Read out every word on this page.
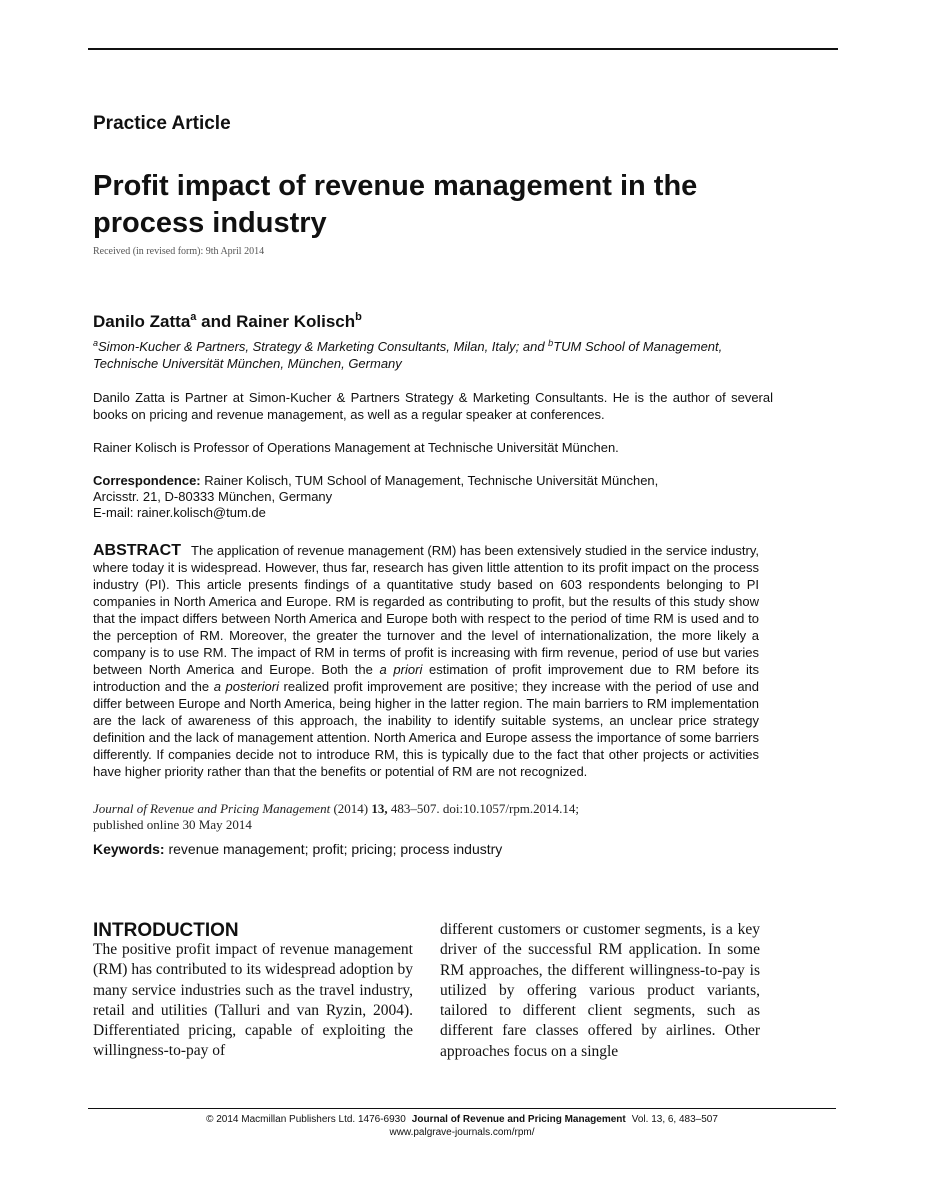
Practice Article
Profit impact of revenue management in the process industry
Received (in revised form): 9th April 2014
Danilo Zatta$^a$ and Rainer Kolisch$^b$
$^a$Simon-Kucher & Partners, Strategy & Marketing Consultants, Milan, Italy; and $^b$TUM School of Management, Technische Universität München, München, Germany

Danilo Zatta is Partner at Simon-Kucher & Partners Strategy & Marketing Consultants. He is the author of several books on pricing and revenue management, as well as a regular speaker at conferences.

Rainer Kolisch is Professor of Operations Management at Technische Universität München.

Correspondence: Rainer Kolisch, TUM School of Management, Technische Universität München,
Arcisstr. 21, D-80333 München, Germany
E-mail: rainer.kolisch@tum.de

ABSTRACT The application of revenue management (RM) has been extensively studied in the service industry, where today it is widespread. However, thus far, research has given little attention to its profit impact on the process industry (PI). This article presents findings of a quantitative study based on 603 respondents belonging to PI companies in North America and Europe. RM is regarded as contributing to profit, but the results of this study show that the impact differs between North America and Europe both with respect to the period of time RM is used and to the perception of RM. Moreover, the greater the turnover and the level of internationalization, the more likely a company is to use RM. The impact of RM in terms of profit is increasing with firm revenue, period of use but varies between North America and Europe. Both the a priori estimation of profit improvement due to RM before its introduction and the a posteriori realized profit improvement are positive; they increase with the period of use and differ between Europe and North America, being higher in the latter region. The main barriers to RM implementation are the lack of awareness of this approach, the inability to identify suitable systems, an unclear price strategy definition and the lack of management attention. North America and Europe assess the importance of some barriers differently. If companies decide not to introduce RM, this is typically due to the fact that other projects or activities have higher priority rather than that the benefits or potential of RM are not recognized.

Journal of Revenue and Pricing Management (2014) 13, 483–507. doi:10.1057/rpm.2014.14;
published online 30 May 2014
Keywords: revenue management; profit; pricing; process industry
INTRODUCTION

The positive profit impact of revenue management (RM) has contributed to its widespread adoption by many service industries such as the travel industry, retail and utilities (Talluri and van Ryzin, 2004). Differentiated pricing, capable of exploiting the willingness-to-pay of

different customers or customer segments, is a key driver of the successful RM application. In some RM approaches, the different willingness-to-pay is utilized by offering various product variants, tailored to different client segments, such as different fare classes offered by airlines. Other approaches focus on a single

© 2014 Macmillan Publishers Ltd. 1476-6930 Journal of Revenue and Pricing Management Vol. 13, 6, 483–507
www.palgrave-journals.com/rpm/
